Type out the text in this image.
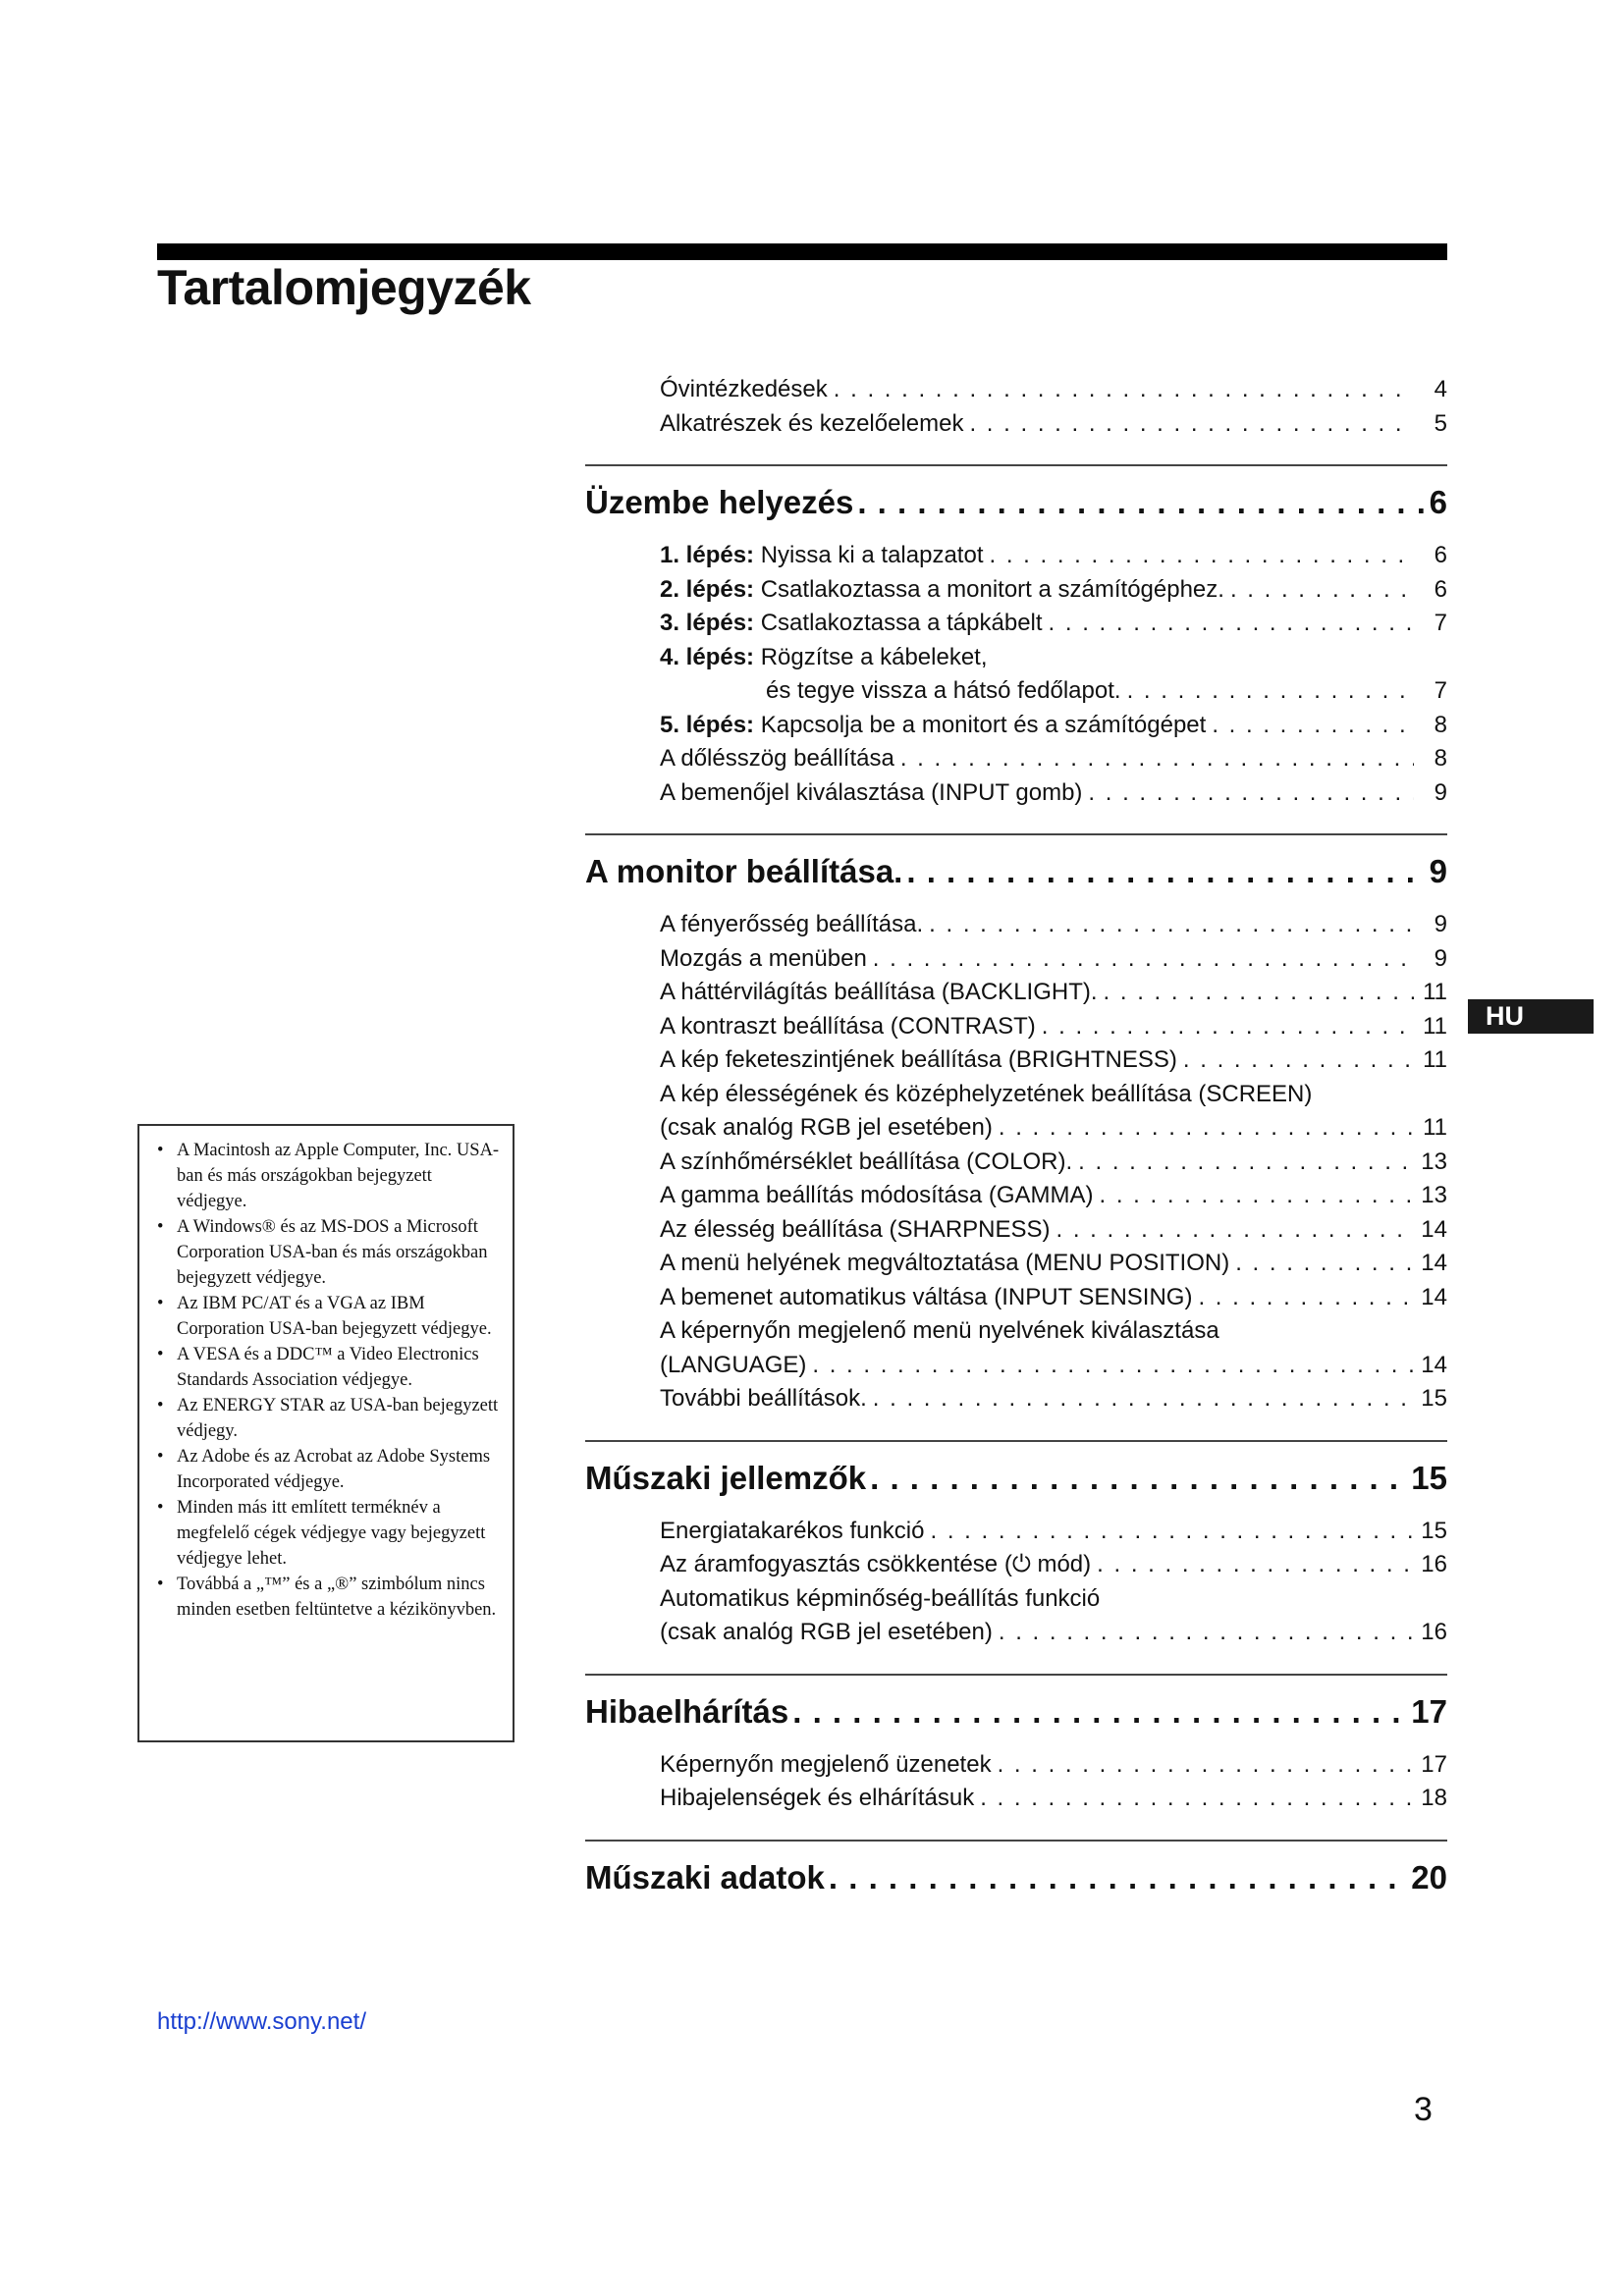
Tartalomjegyzék
Óvintézkedések . . .	4
Alkatrészek és kezelőelemek . . .	5
Üzembe helyezés . . .	6
1. lépés: Nyissa ki a talapzatot . . .	6
2. lépés: Csatlakoztassa a monitort a számítógéphez. . . .	6
3. lépés: Csatlakoztassa a tápkábelt . . .	7
4. lépés: Rögzítse a kábeleket,
és tegye vissza a hátsó fedőlapot. . . .	7
5. lépés: Kapcsolja be a monitort és a számítógépet . . .	8
A dőlésszög beállítása . . .	8
A bemenőjel kiválasztása (INPUT gomb) . . .	9
A monitor beállítása. . . .	9
A fényerősség beállítása. . . .	9
Mozgás a menüben . . .	9
A háttérvilágítás beállítása (BACKLIGHT). . . .	11
A kontraszt beállítása (CONTRAST) . . .	11
A kép feketeszintjének beállítása (BRIGHTNESS) . . .	11
A kép élességének és középhelyzetének beállítása (SCREEN)
(csak analóg RGB jel esetében) . . .	11
A színhőmérséklet beállítása (COLOR). . . .	13
A gamma beállítás módosítása (GAMMA) . . .	13
Az élesség beállítása (SHARPNESS) . . .	14
A menü helyének megváltoztatása (MENU POSITION) . . .	14
A bemenet automatikus váltása (INPUT SENSING) . . .	14
A képernyőn megjelenő menü nyelvének kiválasztása
(LANGUAGE) . . .	14
További beállítások. . . .	15
Műszaki jellemzők . . .	15
Energiatakarékos funkció . . .	15
Az áramfogyasztás csökkentése (⏻ mód) . . .	16
Automatikus képminőség-beállítás funkció
(csak analóg RGB jel esetében) . . .	16
Hibaelhárítás . . .	17
Képernyőn megjelenő üzenetek . . .	17
Hibajelenségek és elhárításuk . . .	18
Műszaki adatok . . .	20
HU
• A Macintosh az Apple Computer, Inc. USA-ban és más országokban bejegyzett védjegye.
• A Windows® és az MS-DOS a Microsoft Corporation USA-ban és más országokban bejegyzett védjegye.
• Az IBM PC/AT és a VGA az IBM Corporation USA-ban bejegyzett védjegye.
• A VESA és a DDC™ a Video Electronics Standards Association védjegye.
• Az ENERGY STAR az USA-ban bejegyzett védjegy.
• Az Adobe és az Acrobat az Adobe Systems Incorporated védjegye.
• Minden más itt említett terméknév a megfelelő cégek védjegye vagy bejegyzett védjegye lehet.
• Továbbá a „™” és a „®” szimbólum nincs minden esetben feltüntetve a kézikönyvben.
http://www.sony.net/
3
